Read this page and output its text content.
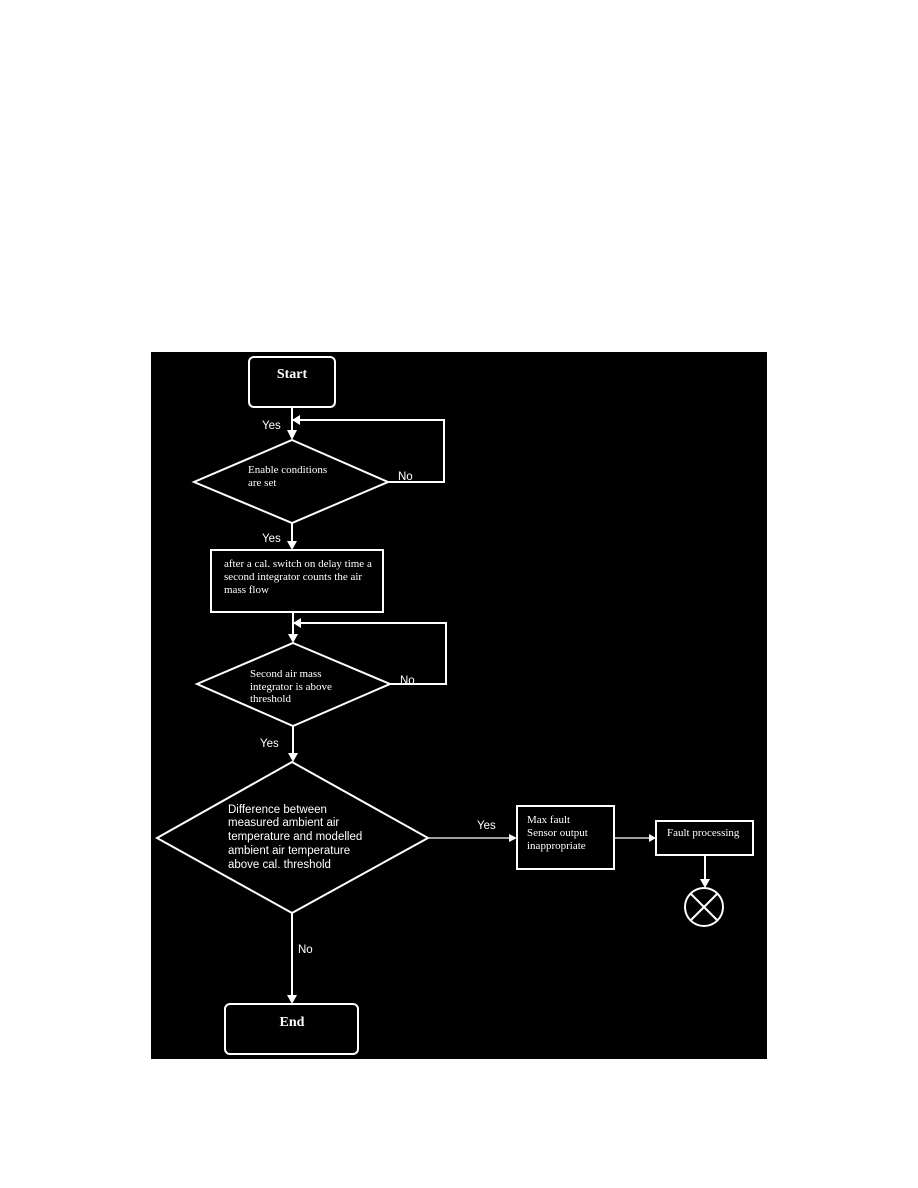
Start
Yes
Enable conditions are set	No
Yes
after a cal. switch on delay time a second integrator counts the air mass flow
Second air mass integrator is above threshold
No
Yes
Difference between measured ambient air temperature and modelled ambient air temperature above cal. threshold
Yes	Max fault Sensor output inappropriate
Fault processing
No
End
